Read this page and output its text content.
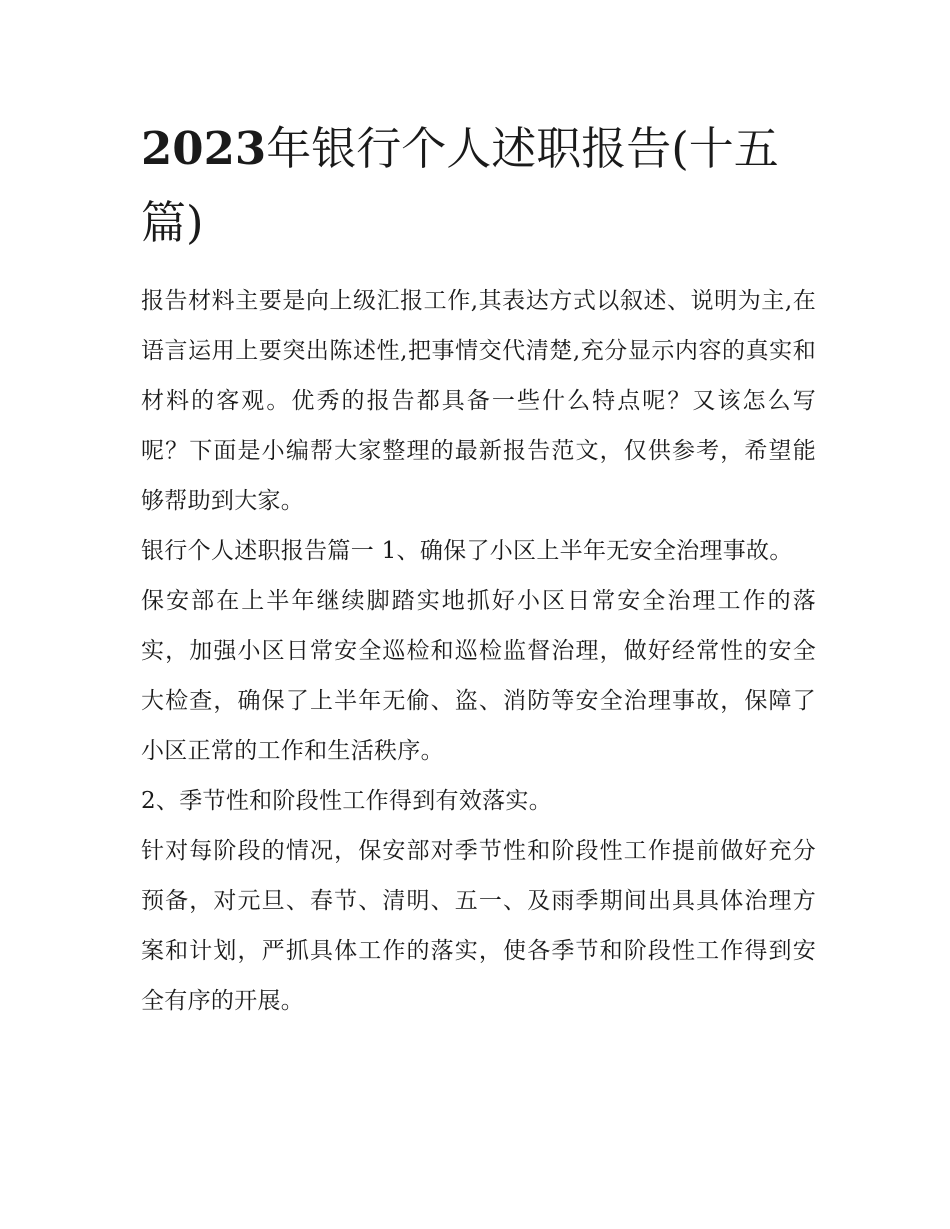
2023年银行个人述职报告(十五篇)

报告材料主要是向上级汇报工作,其表达方式以叙述、说明为主,在语言运用上要突出陈述性,把事情交代清楚,充分显示内容的真实和材料的客观。优秀的报告都具备一些什么特点呢？又该怎么写呢？下面是小编帮大家整理的最新报告范文，仅供参考，希望能够帮助到大家。

银行个人述职报告篇一 1、确保了小区上半年无安全治理事故。

保安部在上半年继续脚踏实地抓好小区日常安全治理工作的落实，加强小区日常安全巡检和巡检监督治理，做好经常性的安全大检查，确保了上半年无偷、盗、消防等安全治理事故，保障了小区正常的工作和生活秩序。

2、季节性和阶段性工作得到有效落实。

针对每阶段的情况，保安部对季节性和阶段性工作提前做好充分预备，对元旦、春节、清明、五一、及雨季期间出具具体治理方案和计划，严抓具体工作的落实，使各季节和阶段性工作得到安全有序的开展。
